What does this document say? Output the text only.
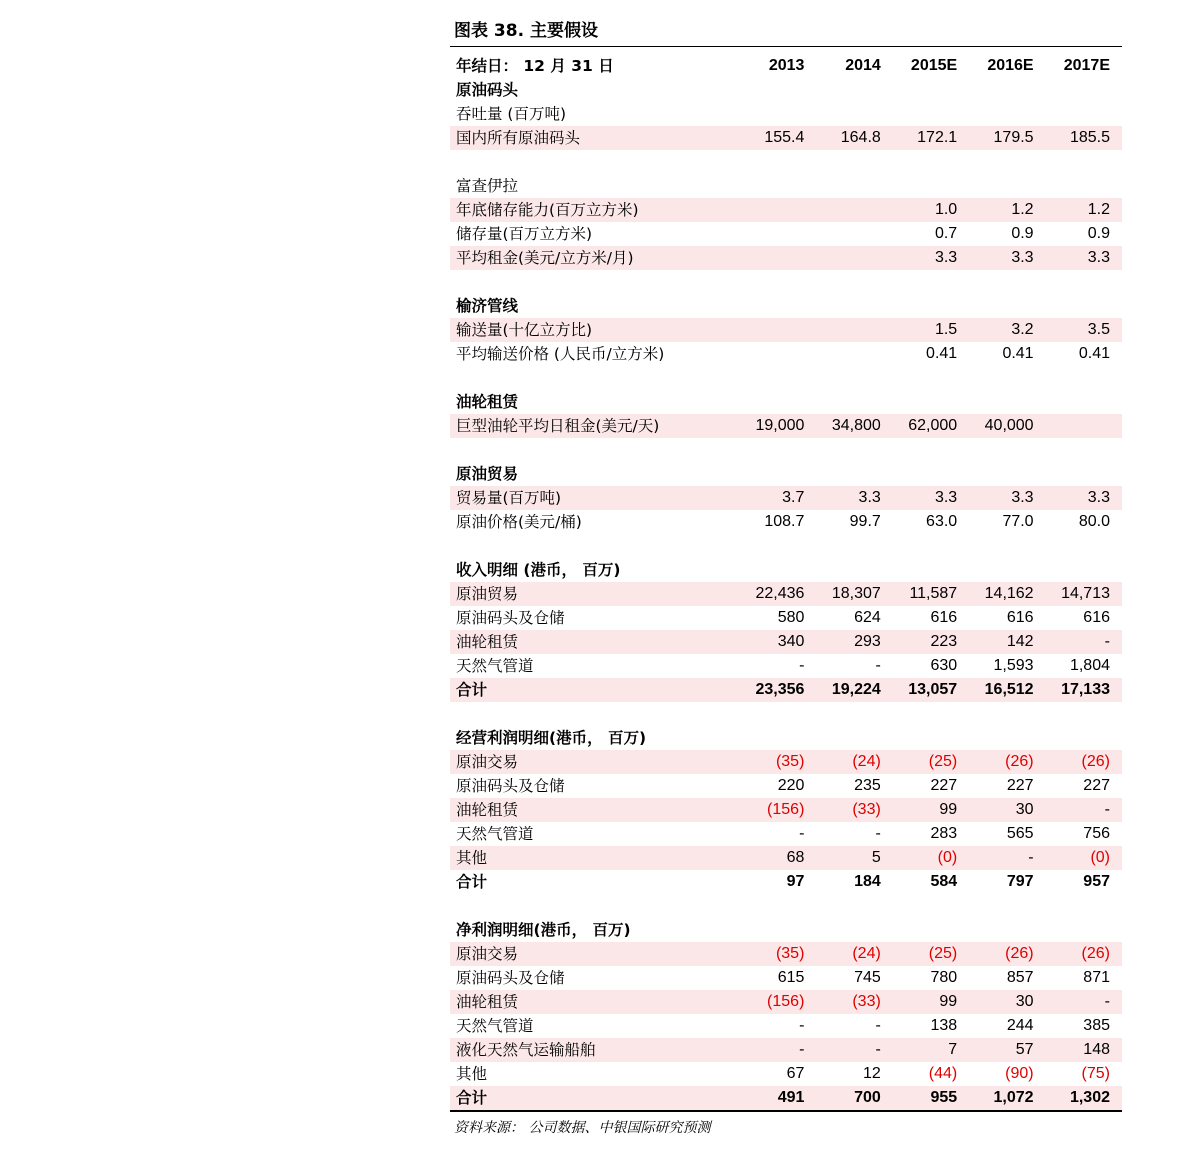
图表 38. 主要假设
年结日： 12 月 31 日	2013	2014	2015E	2016E	2017E
原油码头					
吞吐量 (百万吨)					
国内所有原油码头	155.4	164.8	172.1	179.5	185.5

富查伊拉					
年底储存能力(百万立方米)			1.0	1.2	1.2
储存量(百万立方米)			0.7	0.9	0.9
平均租金(美元/立方米/月)			3.3	3.3	3.3

榆济管线					
输送量(十亿立方比)			1.5	3.2	3.5
平均输送价格 (人民币/立方米)			0.41	0.41	0.41

油轮租赁					
巨型油轮平均日租金(美元/天)	19,000	34,800	62,000	40,000	

原油贸易					
贸易量(百万吨)	3.7	3.3	3.3	3.3	3.3
原油价格(美元/桶)	108.7	99.7	63.0	77.0	80.0

收入明细 (港币， 百万)					
原油贸易	22,436	18,307	11,587	14,162	14,713
原油码头及仓储	580	624	616	616	616
油轮租赁	340	293	223	142	-
天然气管道	-	-	630	1,593	1,804
合计	23,356	19,224	13,057	16,512	17,133

经营利润明细(港币， 百万)					
原油交易	(35)	(24)	(25)	(26)	(26)
原油码头及仓储	220	235	227	227	227
油轮租赁	(156)	(33)	99	30	-
天然气管道	-	-	283	565	756
其他	68	5	(0)	-	(0)
合计	97	184	584	797	957

净利润明细(港币， 百万)					
原油交易	(35)	(24)	(25)	(26)	(26)
原油码头及仓储	615	745	780	857	871
油轮租赁	(156)	(33)	99	30	-
天然气管道	-	-	138	244	385
液化天然气运输船舶	-	-	7	57	148
其他	67	12	(44)	(90)	(75)
合计	491	700	955	1,072	1,302
资料来源： 公司数据、中银国际研究预测
